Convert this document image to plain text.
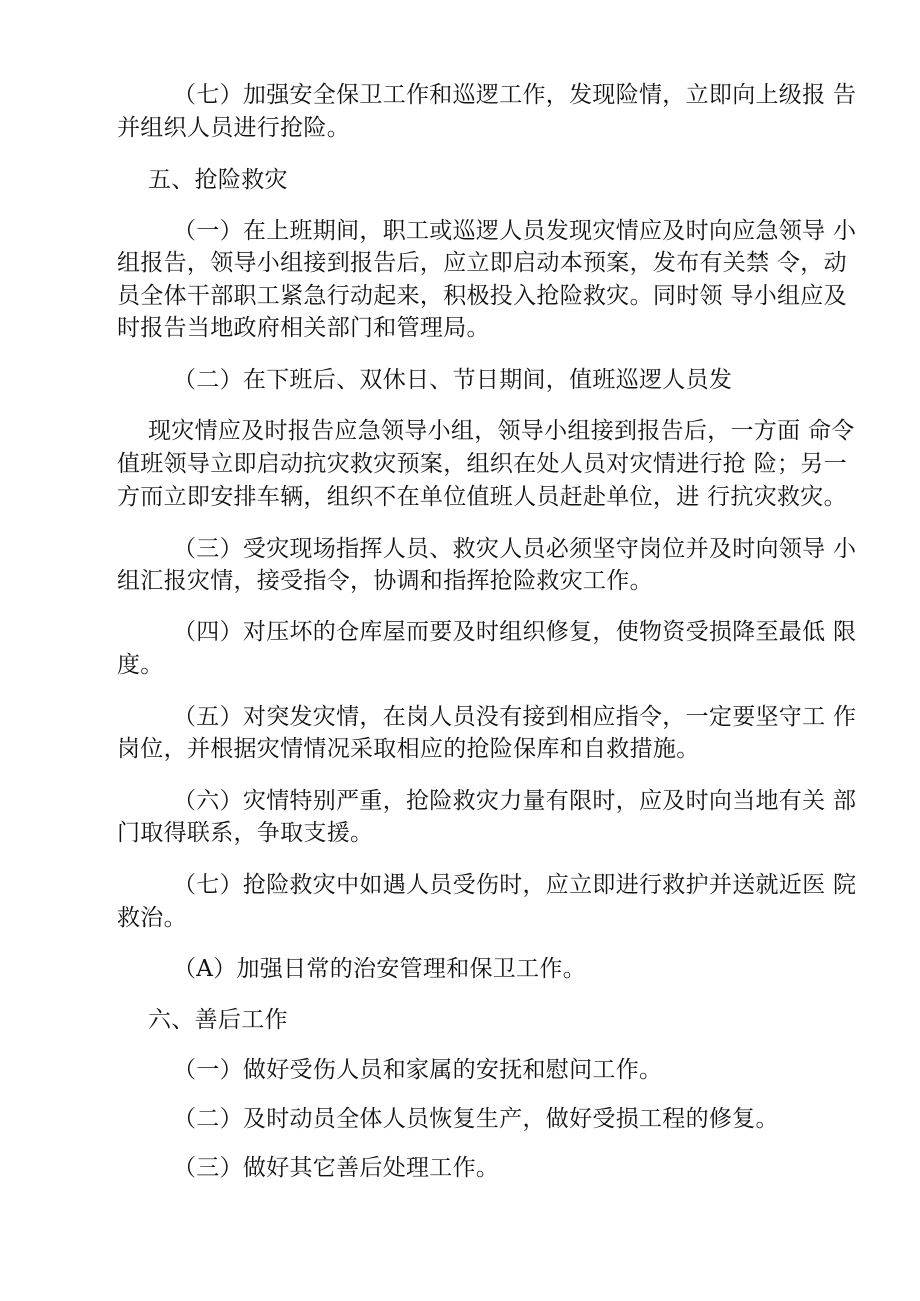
（七）加强安全保卫工作和巡逻工作，发现险情，立即向上级报 告
并组织人员进行抢险。
五、抢险救灾
（一）在上班期间，职工或巡逻人员发现灾情应及时向应急领导 小
组报告，领导小组接到报告后，应立即启动本预案，发布有关禁 令，动
员全体干部职工紧急行动起来，积极投入抢险救灾。同时领 导小组应及
时报告当地政府相关部门和管理局。
（二）在下班后、双休日、节日期间，值班巡逻人员发
现灾情应及时报告应急领导小组，领导小组接到报告后，一方面 命令
值班领导立即启动抗灾救灾预案，组织在处人员对灾情进行抢 险；另一
方而立即安排车辆，组织不在单位值班人员赶赴单位，进 行抗灾救灾。
（三）受灾现场指挥人员、救灾人员必须坚守岗位并及时向领导 小
组汇报灾情，接受指令，协调和指挥抢险救灾工作。
（四）对压坏的仓库屋而要及时组织修复，使物资受损降至最低 限
度。
（五）对突发灾情，在岗人员没有接到相应指令，一定要坚守工 作
岗位，并根据灾情情况采取相应的抢险保库和自救措施。
（六）灾情特别严重，抢险救灾力量有限时，应及时向当地有关 部
门取得联系，争取支援。
（七）抢险救灾中如遇人员受伤时，应立即进行救护并送就近医 院
救治。
（A）加强日常的治安管理和保卫工作。
六、善后工作
（一）做好受伤人员和家属的安抚和慰问工作。
（二）及时动员全体人员恢复生产，做好受损工程的修复。
（三）做好其它善后处理工作。
